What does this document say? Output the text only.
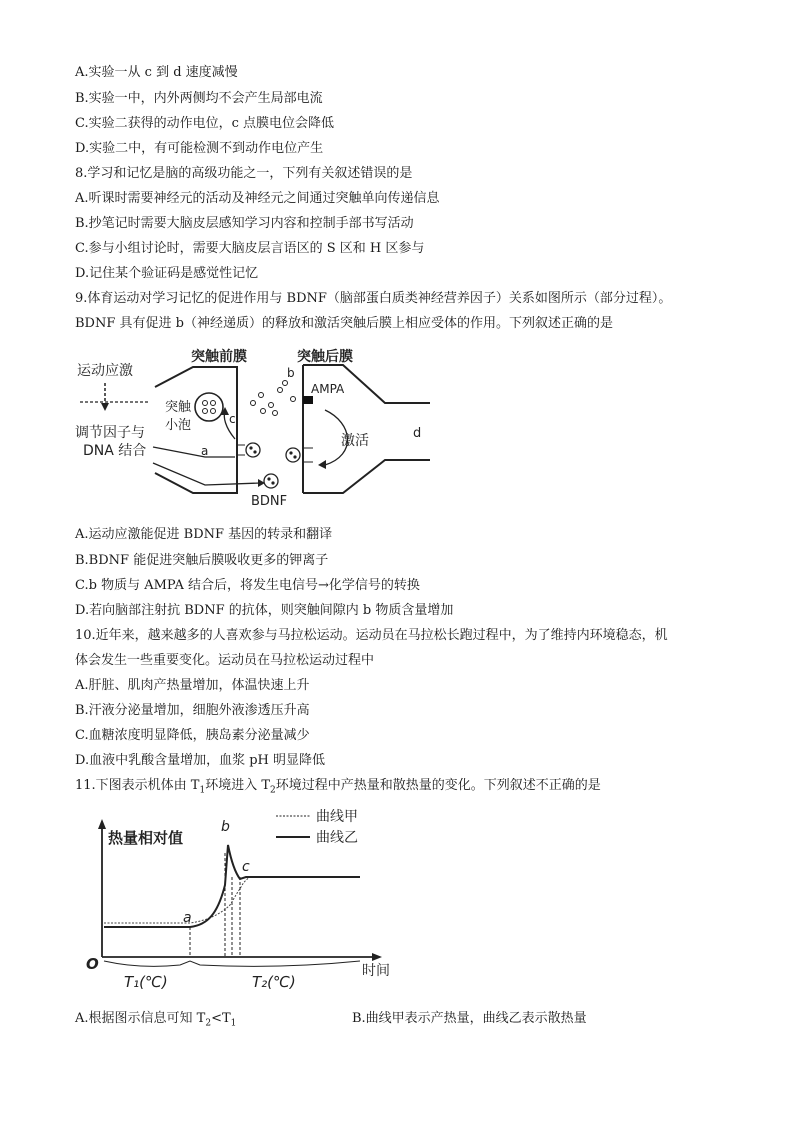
A.实验一从 c 到 d 速度减慢
B.实验一中，内外两侧均不会产生局部电流
C.实验二获得的动作电位，c 点膜电位会降低
D.实验二中，有可能检测不到动作电位产生
8.学习和记忆是脑的高级功能之一，下列有关叙述错误的是
A.听课时需要神经元的活动及神经元之间通过突触单向传递信息
B.抄笔记时需要大脑皮层感知学习内容和控制手部书写活动
C.参与小组讨论时，需要大脑皮层言语区的 S 区和 H 区参与
D.记住某个验证码是感觉性记忆
9.体育运动对学习记忆的促进作用与 BDNF（脑部蛋白质类神经营养因子）关系如图所示（部分过程）。
BDNF 具有促进 b（神经递质）的释放和激活突触后膜上相应受体的作用。下列叙述正确的是
运动应激
调节因子与
DNA 结合
突触前膜	突触后膜
突触
小泡
a
b
c
AMPA
激活	d
BDNF
A.运动应激能促进 BDNF 基因的转录和翻译
B.BDNF 能促进突触后膜吸收更多的钾离子
C.b 物质与 AMPA 结合后，将发生电信号→化学信号的转换
D.若向脑部注射抗 BDNF 的抗体，则突触间隙内 b 物质含量增加
10.近年来，越来越多的人喜欢参与马拉松运动。运动员在马拉松长跑过程中，为了维持内环境稳态，机
体会发生一些重要变化。运动员在马拉松运动过程中
A.肝脏、肌肉产热量增加，体温快速上升
B.汗液分泌量增加，细胞外液渗透压升高
C.血糖浓度明显降低，胰岛素分泌量减少
D.血液中乳酸含量增加，血浆 pH 明显降低
11.下图表示机体由 $T_1$环境进入 $T_2$环境过程中产热量和散热量的变化。下列叙述不正确的是
热量相对值
曲线甲
曲线乙
O	时间
a
b
c
T₁(℃)	T₂(℃)
A.根据图示信息可知 $T_2<T_1$	B.曲线甲表示产热量，曲线乙表示散热量
